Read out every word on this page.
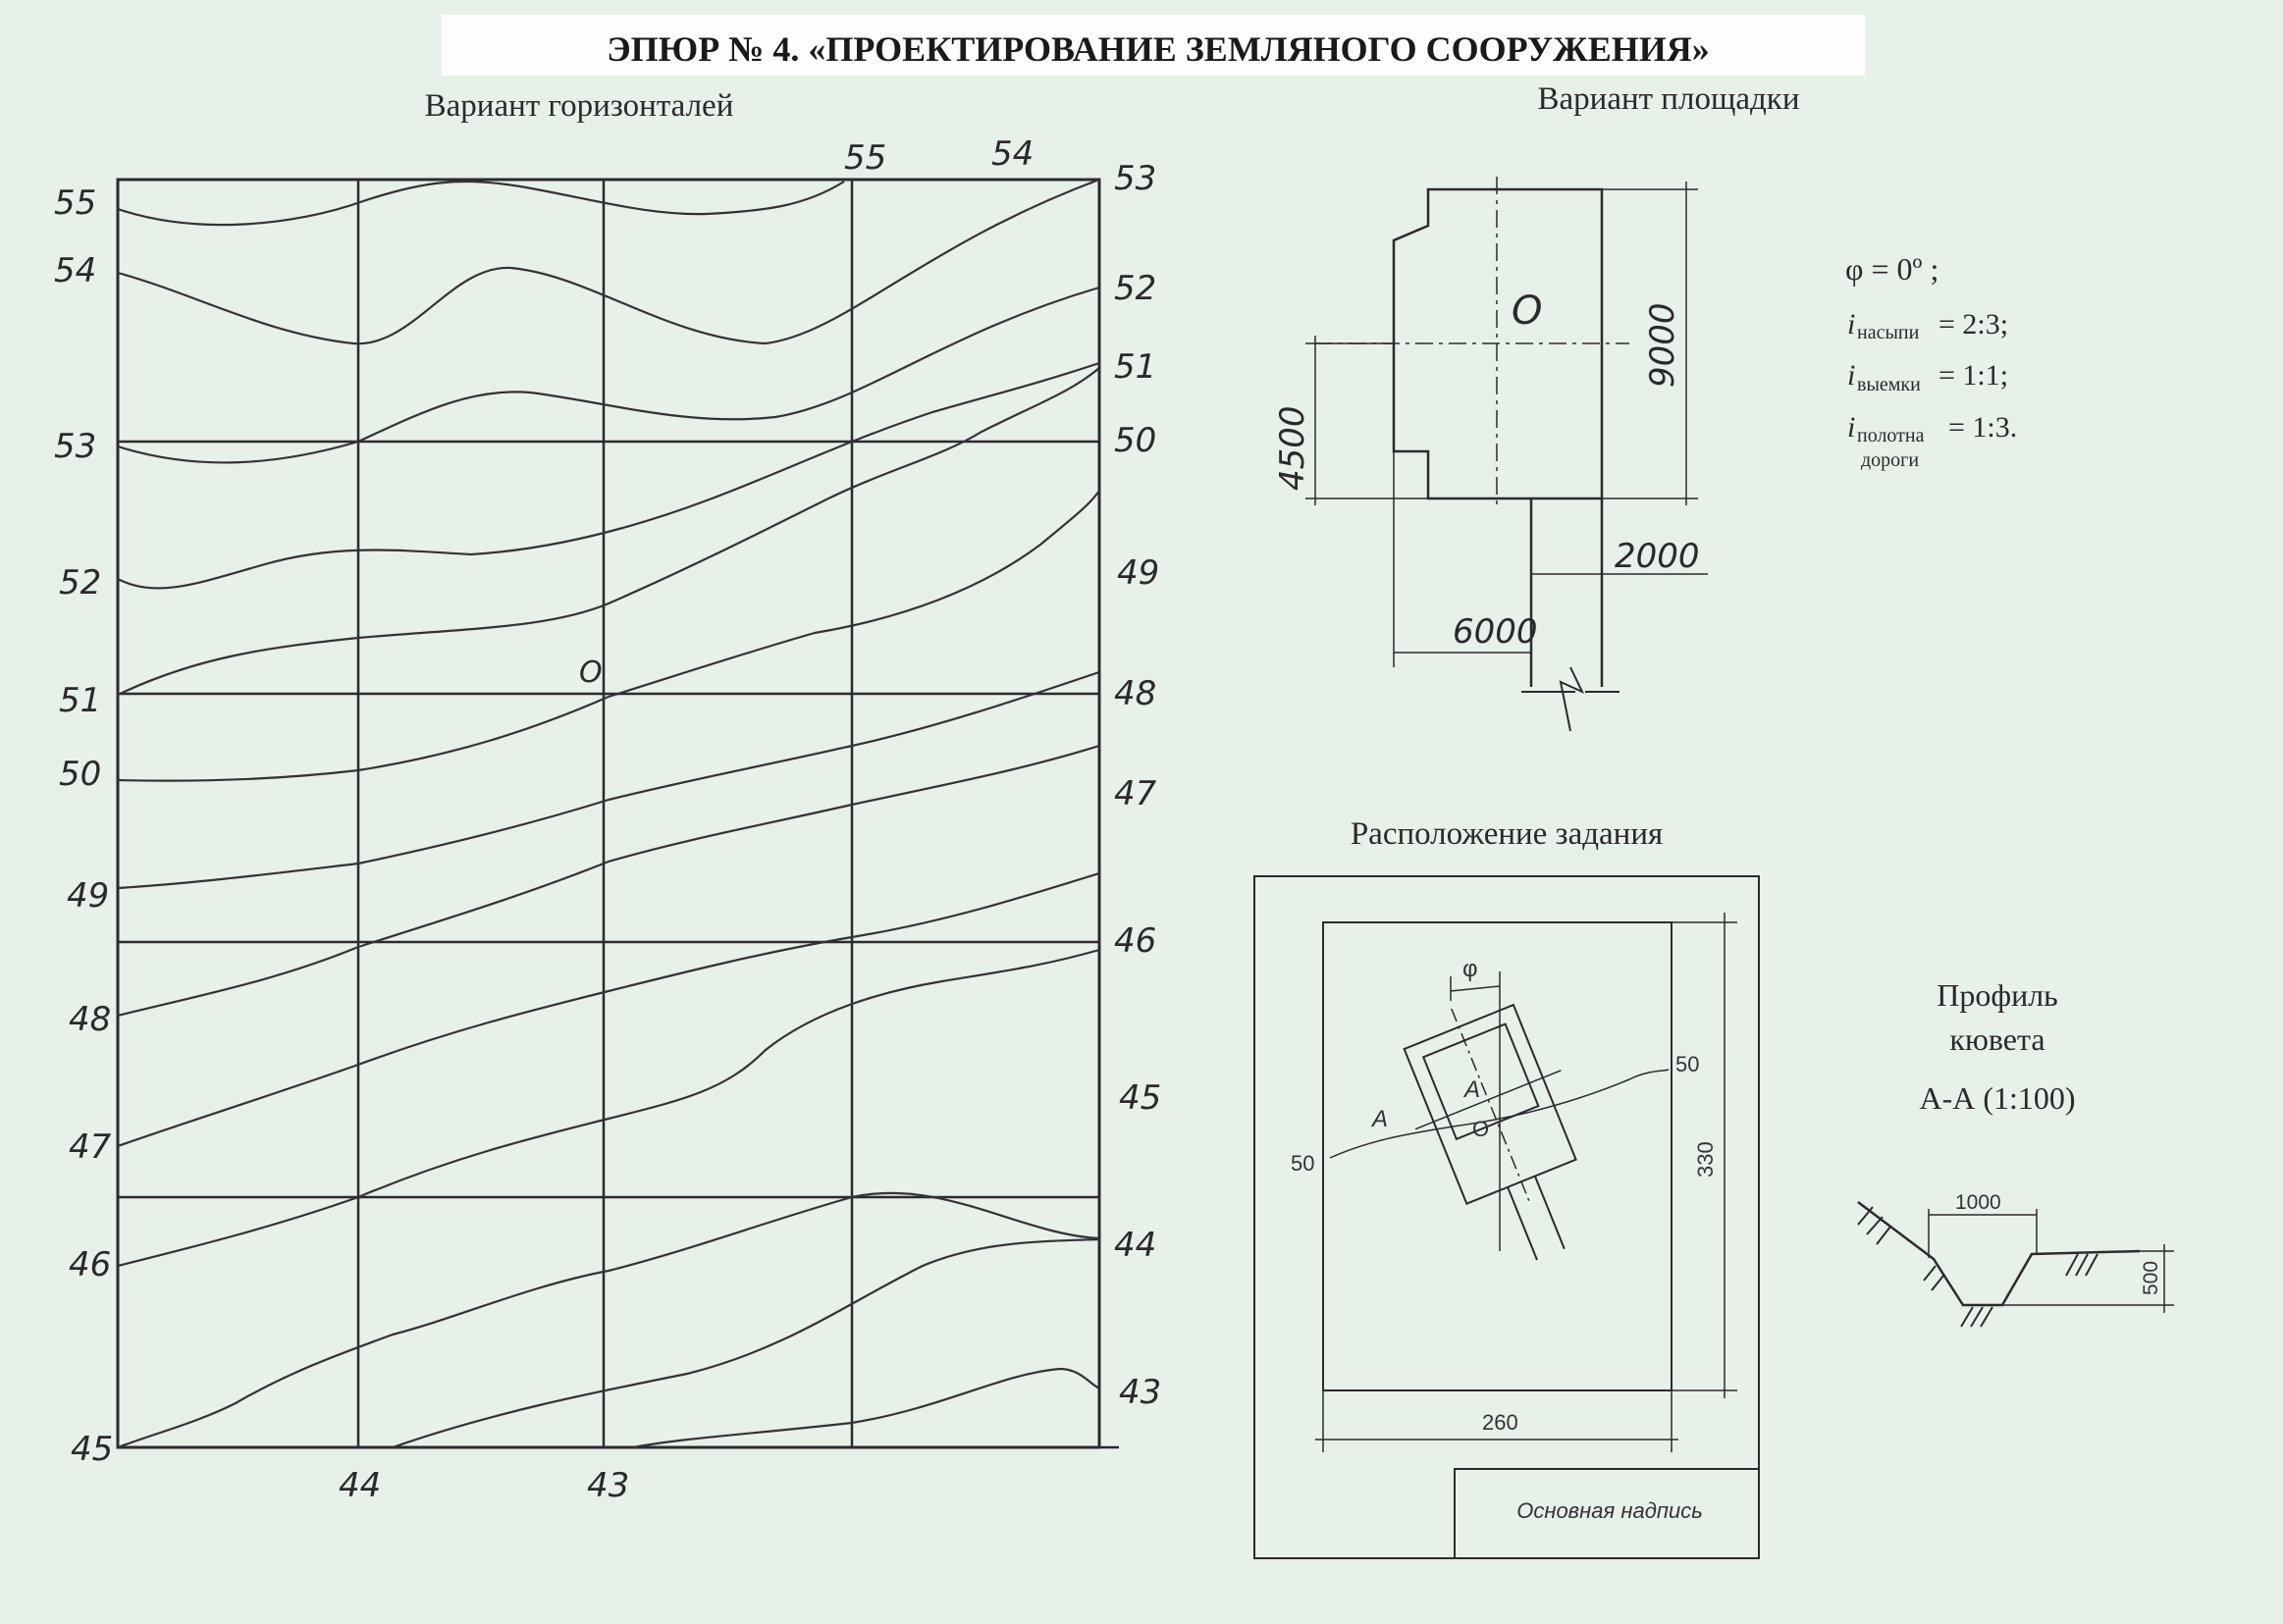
ЭПЮР № 4. «ПРОЕКТИРОВАНИЕ ЗЕМЛЯНОГО СООРУЖЕНИЯ»
Вариант горизонталей
55
54
53
52
51
50
49
48
47
46
45
53
52
51
50
49
48
47
46
45
44
43
55	54
44	43
O
Вариант площадки
9000
4500
2000
6000
O
φ = 0º ;
i насыпи = 2:3;
i выемки = 1:1;
i полотна
дороги
= 1:3.
Расположение задания
Основная надпись
50
50
φ
A
A
O
330
260
Профиль
кювета
А-А (1:100)
1000
500
